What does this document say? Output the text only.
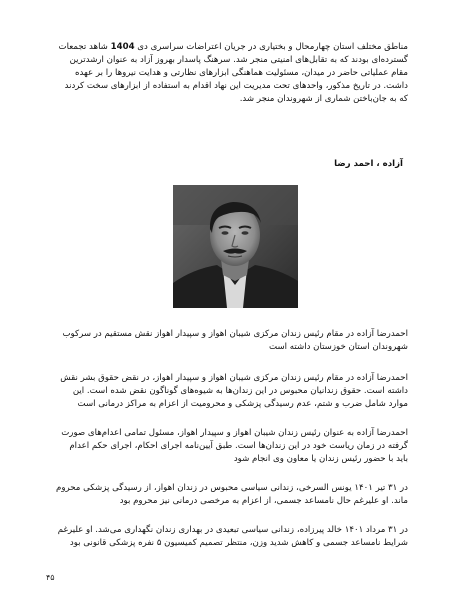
مناطق مختلف استان چهارمحال و بختیاری در جریان اعتراضات سراسری دی 1404 شاهد تجمعات گسترده‌ای بودند که به تقابل‌های امنیتی منجر شد. سرهنگ پاسدار بهروز آزاد به عنوان ارشدترین مقام عملیاتی حاضر در میدان، مسئولیت هماهنگی ابزارهای نظارتی و هدایت نیروها را بر عهده داشت. در تاریخ مذکور، واحدهای تحت مدیریت این نهاد اقدام به استفاده از ابزارهای سخت کردند که به جان‌باختن شماری از شهروندان منجر شد.

آزاده ، احمد رضا

احمدرضا آزاده در مقام رئیس زندان مرکزی شیبان اهواز و سپیدار اهواز نقش مستقیم در سرکوب شهروندان استان خوزستان داشته است

احمدرضا آزاده در مقام رئیس زندان مرکزی شیبان اهواز و سپیدار اهواز، در نقض حقوق بشر نقش داشته است. حقوق زندانیان محبوس در این زندان‌ها به شیوه‌های گوناگون نقض شده است. این موارد شامل ضرب و شتم، عدم رسیدگی پزشکی و محرومیت از اعزام به مراکز درمانی است

احمدرضا آزاده به عنوان رئیس زندان شیبان اهواز و سپیدار اهواز، مسئول تمامی اعدام‌های صورت گرفته در زمان ریاست خود در این زندان‌ها است. طبق آیین‌نامه اجرای احکام، اجرای حکم اعدام باید با حضور رئیس زندان یا معاون وی انجام شود

در ۳۱ تیر ۱۴۰۱ یونس السرخی، زندانی سیاسی محبوس در زندان اهواز، از رسیدگی پزشکی محروم ماند. او علیرغم حال نامساعد جسمی، از اعزام به مرخصی درمانی نیز محروم بود

در ۳۱ مرداد ۱۴۰۱ خالد پیرزاده، زندانی سیاسی تبعیدی در بهداری زندان نگهداری می‌شد. او علیرغم شرایط نامساعد جسمی و کاهش شدید وزن، منتظر تصمیم کمیسیون ۵ نفره پزشکی قانونی بود

۴۵
